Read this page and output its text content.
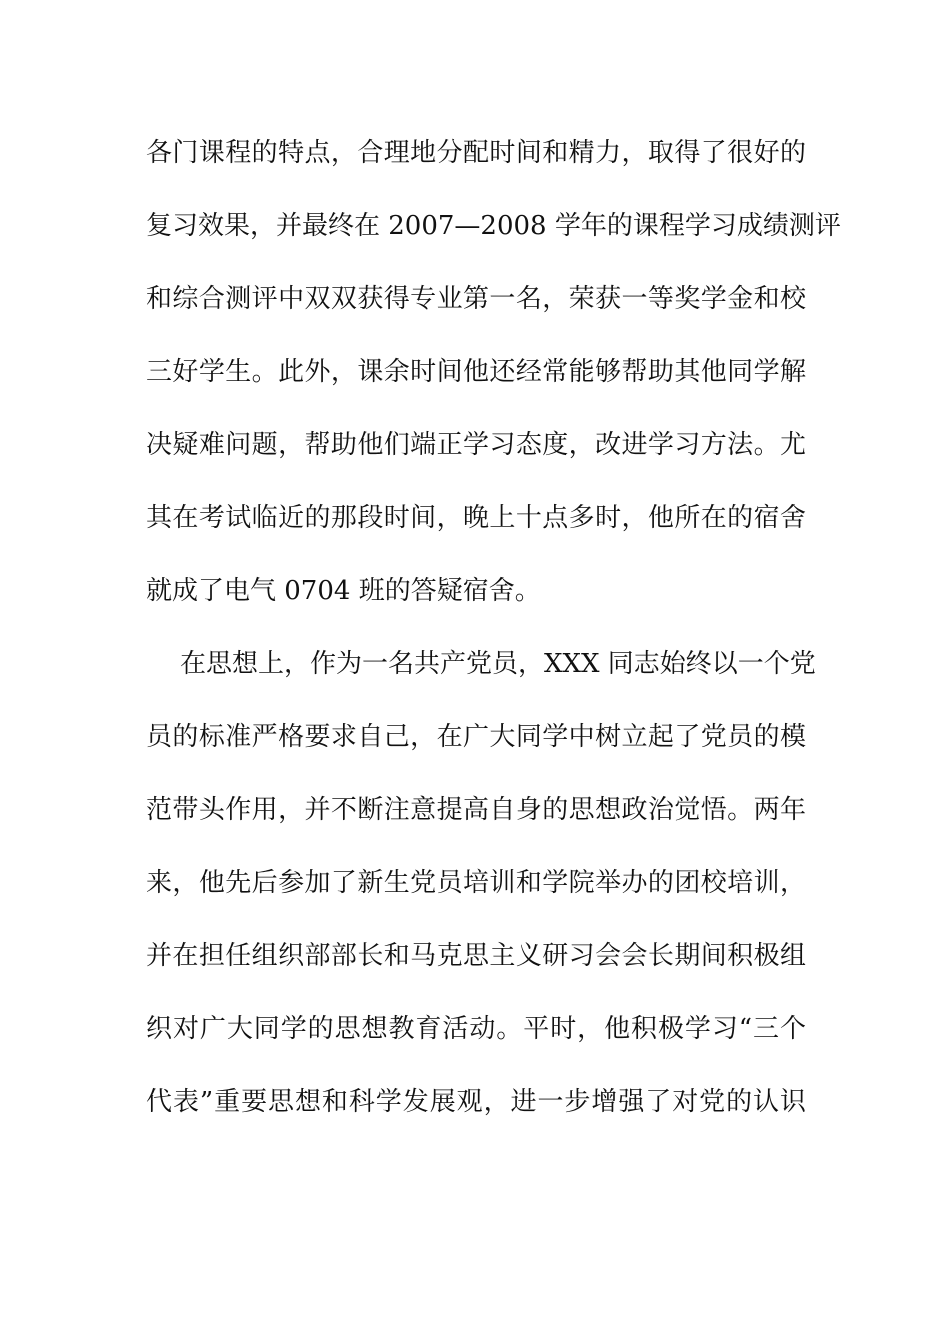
各门课程的特点，合理地分配时间和精力，取得了很好的
复习效果，并最终在 2007—2008 学年的课程学习成绩测评
和综合测评中双双获得专业第一名，荣获一等奖学金和校
三好学生。此外，课余时间他还经常能够帮助其他同学解
决疑难问题，帮助他们端正学习态度，改进学习方法。尤
其在考试临近的那段时间，晚上十点多时，他所在的宿舍
就成了电气 0704 班的答疑宿舍。
在思想上，作为一名共产党员，XXX 同志始终以一个党
员的标准严格要求自己，在广大同学中树立起了党员的模
范带头作用，并不断注意提高自身的思想政治觉悟。两年
来，他先后参加了新生党员培训和学院举办的团校培训，
并在担任组织部部长和马克思主义研习会会长期间积极组
织对广大同学的思想教育活动。平时，他积极学习“三个
代表”重要思想和科学发展观，进一步增强了对党的认识
